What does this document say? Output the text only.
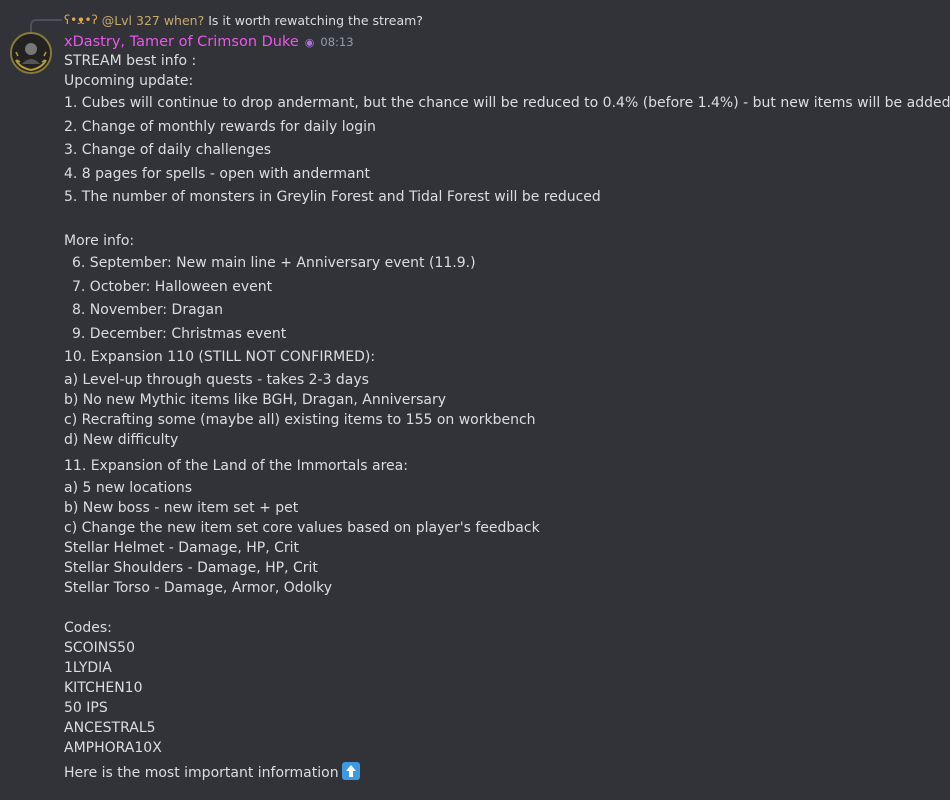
ʕ•ᴥ•ʔ @Lvl 327 when? Is it worth rewatching the stream?
xDastry, Tamer of Crimson Duke ◉ 08:13
STREAM best info :
Upcoming update:
1. Cubes will continue to drop andermant, but the chance will be reduced to 0.4% (before 1.4%) - but new items will be added
2. Change of monthly rewards for daily login
3. Change of daily challenges
4. 8 pages for spells - open with andermant
5. The number of monsters in Greylin Forest and Tidal Forest will be reduced
More info:
6. September: New main line + Anniversary event (11.9.)
7. October: Halloween event
8. November: Dragan
9. December: Christmas event
10. Expansion 110 (STILL NOT CONFIRMED):
a) Level-up through quests - takes 2-3 days
b) No new Mythic items like BGH, Dragan, Anniversary
c) Recrafting some (maybe all) existing items to 155 on workbench
d) New difficulty
11. Expansion of the Land of the Immortals area:
a) 5 new locations
b) New boss - new item set + pet
c) Change the new item set core values based on player's feedback
Stellar Helmet - Damage, HP, Crit
Stellar Shoulders - Damage, HP, Crit
Stellar Torso - Damage, Armor, Odolky
Codes:
SCOINS50
1LYDIA
KITCHEN10
50 IPS
ANCESTRAL5
AMPHORA10X
Here is the most important information
